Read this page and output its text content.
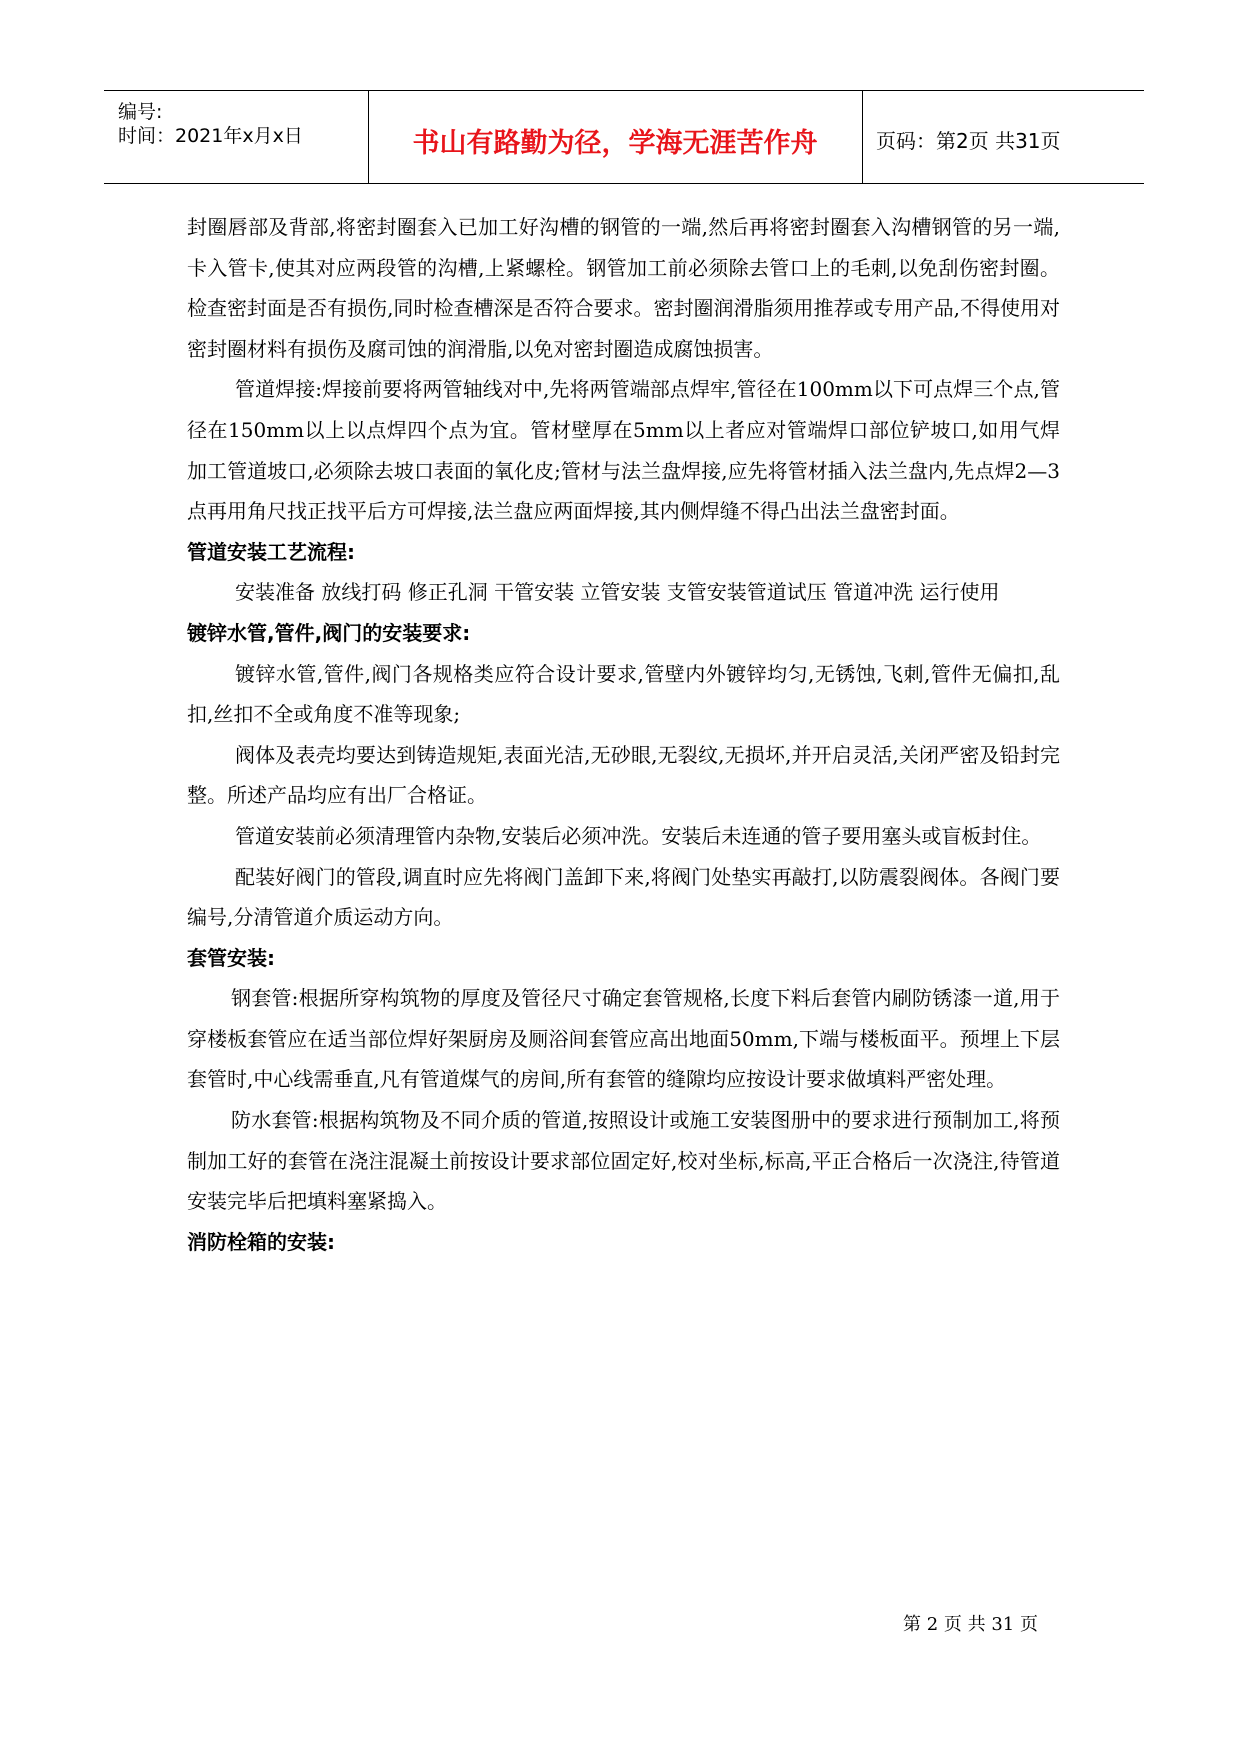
编号:
时间：2021年x月x日	书山有路勤为径，学海无涯苦作舟	页码：第2页 共31页

封圈唇部及背部,将密封圈套入已加工好沟槽的钢管的一端,然后再将密封圈套入沟槽钢管的另一端,卡入管卡,使其对应两段管的沟槽,上紧螺栓。钢管加工前必须除去管口上的毛刺,以免刮伤密封圈。检查密封面是否有损伤,同时检查槽深是否符合要求。密封圈润滑脂须用推荐或专用产品,不得使用对密封圈材料有损伤及腐司蚀的润滑脂,以免对密封圈造成腐蚀损害。

管道焊接:焊接前要将两管轴线对中,先将两管端部点焊牢,管径在100mm以下可点焊三个点,管径在150mm以上以点焊四个点为宜。管材壁厚在5mm以上者应对管端焊口部位铲坡口,如用气焊加工管道坡口,必须除去坡口表面的氧化皮;管材与法兰盘焊接,应先将管材插入法兰盘内,先点焊2—3点再用角尺找正找平后方可焊接,法兰盘应两面焊接,其内侧焊缝不得凸出法兰盘密封面。

管道安装工艺流程:

安装准备 放线打码 修正孔洞 干管安装 立管安装 支管安装管道试压 管道冲洗 运行使用

镀锌水管,管件,阀门的安装要求:

镀锌水管,管件,阀门各规格类应符合设计要求,管壁内外镀锌均匀,无锈蚀,飞刺,管件无偏扣,乱扣,丝扣不全或角度不准等现象;

阀体及表壳均要达到铸造规矩,表面光洁,无砂眼,无裂纹,无损坏,并开启灵活,关闭严密及铅封完整。所述产品均应有出厂合格证。

管道安装前必须清理管内杂物,安装后必须冲洗。安装后未连通的管子要用塞头或盲板封住。

配装好阀门的管段,调直时应先将阀门盖卸下来,将阀门处垫实再敲打,以防震裂阀体。各阀门要编号,分清管道介质运动方向。

套管安装:

钢套管:根据所穿构筑物的厚度及管径尺寸确定套管规格,长度下料后套管内刷防锈漆一道,用于穿楼板套管应在适当部位焊好架厨房及厕浴间套管应高出地面50mm,下端与楼板面平。预埋上下层套管时,中心线需垂直,凡有管道煤气的房间,所有套管的缝隙均应按设计要求做填料严密处理。

防水套管:根据构筑物及不同介质的管道,按照设计或施工安装图册中的要求进行预制加工,将预制加工好的套管在浇注混凝土前按设计要求部位固定好,校对坐标,标高,平正合格后一次浇注,待管道安装完毕后把填料塞紧捣入。

消防栓箱的安装:
第 2 页 共 31 页
